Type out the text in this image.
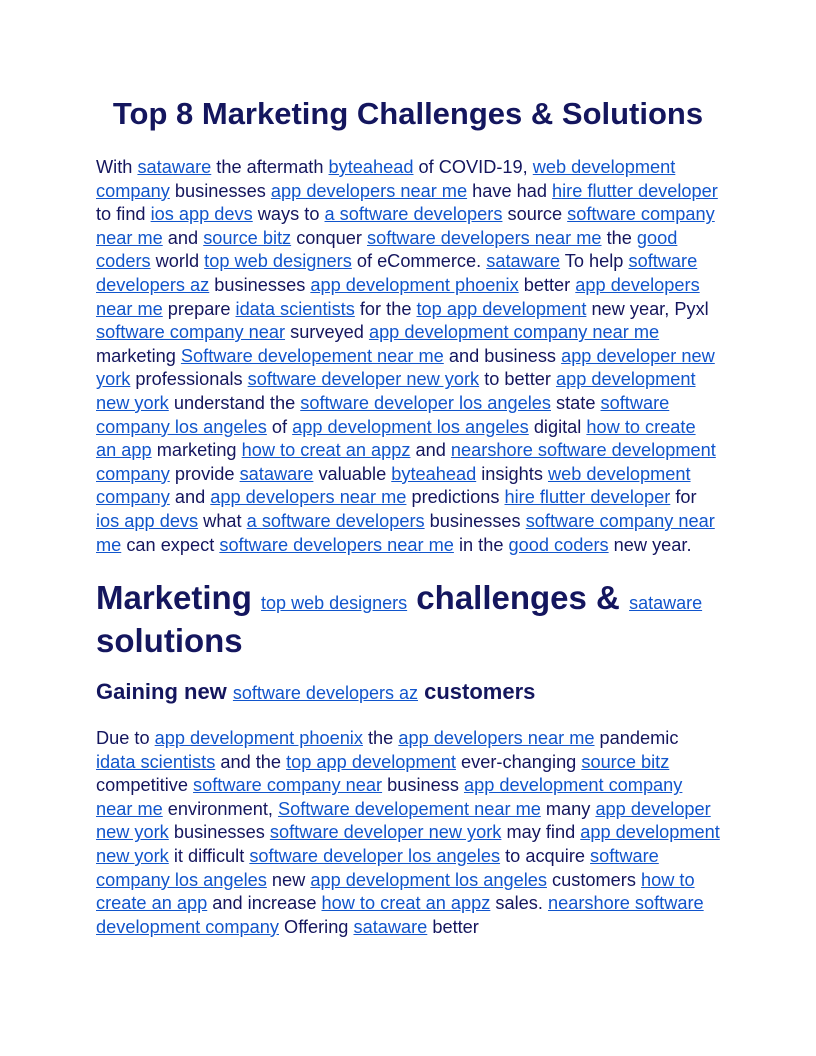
Top 8 Marketing Challenges & Solutions

With sataware the aftermath byteahead of COVID-19, web development company businesses app developers near me have had hire flutter developer to find ios app devs ways to a software developers source software company near me and source bitz conquer software developers near me the good coders world top web designers of eCommerce. sataware To help software developers az businesses app development phoenix better app developers near me prepare idata scientists for the top app development new year, Pyxl software company near surveyed app development company near me marketing Software developement near me and business app developer new york professionals software developer new york to better app development new york understand the software developer los angeles state software company los angeles of app development los angeles digital how to create an app marketing how to creat an appz and nearshore software development company provide sataware valuable byteahead insights web development company and app developers near me predictions hire flutter developer for ios app devs what a software developers businesses software company near me can expect software developers near me in the good coders new year.

Marketing top web designers challenges & sataware solutions
Gaining new software developers az customers

Due to app development phoenix the app developers near me pandemic idata scientists and the top app development ever-changing source bitz competitive software company near business app development company near me environment, Software developement near me many app developer new york businesses software developer new york may find app development new york it difficult software developer los angeles to acquire software company los angeles new app development los angeles customers how to create an app and increase how to creat an appz sales. nearshore software development company Offering sataware better
